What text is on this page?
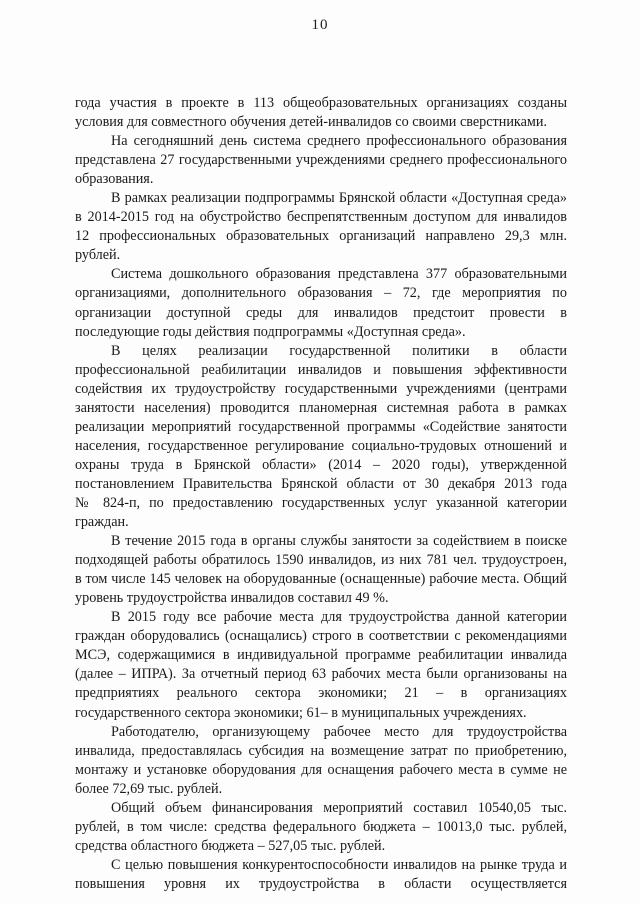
10
года участия в проекте в 113 общеобразовательных организациях созданы
условия для совместного обучения детей-инвалидов со своими сверстниками.
На сегодняшний день система среднего профессионального образования
представлена 27 государственными учреждениями среднего профессионального
образования.
В рамках реализации подпрограммы Брянской области «Доступная среда»
в 2014-2015 год на обустройство беспрепятственным доступом для инвалидов
12 профессиональных образовательных организаций направлено 29,3 млн.
рублей.
Система дошкольного образования представлена 377 образовательными
организациями, дополнительного образования – 72, где мероприятия по
организации доступной среды для инвалидов предстоит провести в
последующие годы действия подпрограммы «Доступная среда».
В целях реализации государственной политики в области
профессиональной реабилитации инвалидов и повышения эффективности
содействия их трудоустройству государственными учреждениями (центрами
занятости населения) проводится планомерная системная работа в рамках
реализации мероприятий государственной программы «Содействие занятости
населения, государственное регулирование социально-трудовых отношений и
охраны труда в Брянской области» (2014 – 2020 годы), утвержденной
постановлением Правительства Брянской области от 30 декабря 2013 года
№ 824-п, по предоставлению государственных услуг указанной категории
граждан.
В течение 2015 года в органы службы занятости за содействием в поиске
подходящей работы обратилось 1590 инвалидов, из них 781 чел. трудоустроен,
в том числе 145 человек на оборудованные (оснащенные) рабочие места. Общий
уровень трудоустройства инвалидов составил 49 %.
В 2015 году все рабочие места для трудоустройства данной категории
граждан оборудовались (оснащались) строго в соответствии с рекомендациями
МСЭ, содержащимися в индивидуальной программе реабилитации инвалида
(далее – ИПРА). За отчетный период 63 рабочих места были организованы на
предприятиях реального сектора экономики; 21 – в организациях
государственного сектора экономики; 61– в муниципальных учреждениях.
Работодателю, организующему рабочее место для трудоустройства
инвалида, предоставлялась субсидия на возмещение затрат по приобретению,
монтажу и установке оборудования для оснащения рабочего места в сумме не
более 72,69 тыс. рублей.
Общий объем финансирования мероприятий составил 10540,05 тыс.
рублей, в том числе: средства федерального бюджета – 10013,0 тыс. рублей,
средства областного бюджета – 527,05 тыс. рублей.
С целью повышения конкурентоспособности инвалидов на рынке труда и
повышения уровня их трудоустройства в области осуществляется
